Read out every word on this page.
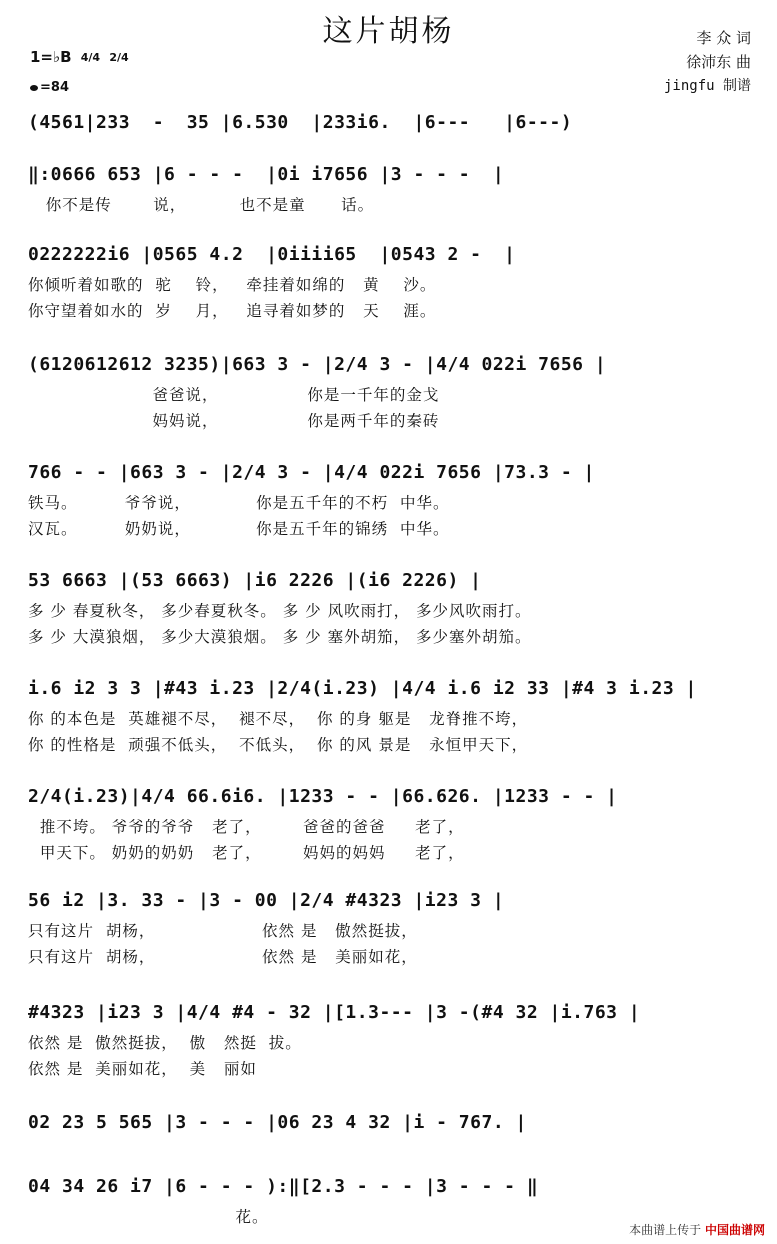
这片胡杨	李 众 词
徐沛东 曲
jingfu 制谱
1=♭B 4/4 2/4
=84
(4561|233  -  35 |6.530  |233i6.  |6---   |6---)
‖:0666 653 |6 - - -  |0i i7656 |3 - - -  |
你不是传       说，         也不是童      话。
0222222i6 |0565 4.2  |0iiii65  |0543 2 -  |
你倾听着如歌的  驼    铃，   牵挂着如绵的   黄    沙。
你守望着如水的  岁    月，   追寻着如梦的   天    涯。
(6120612612 3235)|663 3 - |2/4 3 - |4/4 022i 7656 |
爸爸说，               你是一千年的金戈
妈妈说，               你是两千年的秦砖
766 - - |663 3 - |2/4 3 - |4/4 022i 7656 |73.3 - |
铁马。        爷爷说，           你是五千年的不朽  中华。
汉瓦。        奶奶说，           你是五千年的锦绣  中华。
53 6663 |(53 6663) |i6 2226 |(i6 2226) |
多 少 春夏秋冬， 多少春夏秋冬。 多 少 风吹雨打， 多少风吹雨打。
多 少 大漠狼烟， 多少大漠狼烟。 多 少 塞外胡笳， 多少塞外胡笳。
i.6 i2 3 3 |#43 i.23 |2/4(i.23) |4/4 i.6 i2 33 |#4 3 i.23 |
你 的本色是  英雄褪不尽，  褪不尽，  你 的身 躯是   龙脊推不垮，
你 的性格是  顽强不低头，  不低头，  你 的风 景是   永恒甲天下，
2/4(i.23)|4/4 66.6i6. |1233 - - |66.626. |1233 - - |
推不垮。 爷爷的爷爷   老了，       爸爸的爸爸     老了，
甲天下。 奶奶的奶奶   老了，       妈妈的妈妈     老了，
56 i2 |3. 33 - |3 - 00 |2/4 #4323 |i23 3 |
只有这片  胡杨，                  依然 是   傲然挺拔，
只有这片  胡杨，                  依然 是   美丽如花，
#4323 |i23 3 |4/4 #4 - 32 |[1.3--- |3 -(#4 32 |i.763 |
依然 是  傲然挺拔，  傲   然挺  拔。
依然 是  美丽如花，  美   丽如
02 23 5 565 |3 - - - |06 23 4 32 |i - 767. |
04 34 26 i7 |6 - - - ):‖[2.3 - - - |3 - - - ‖
花。
本曲谱上传于 中国曲谱网
